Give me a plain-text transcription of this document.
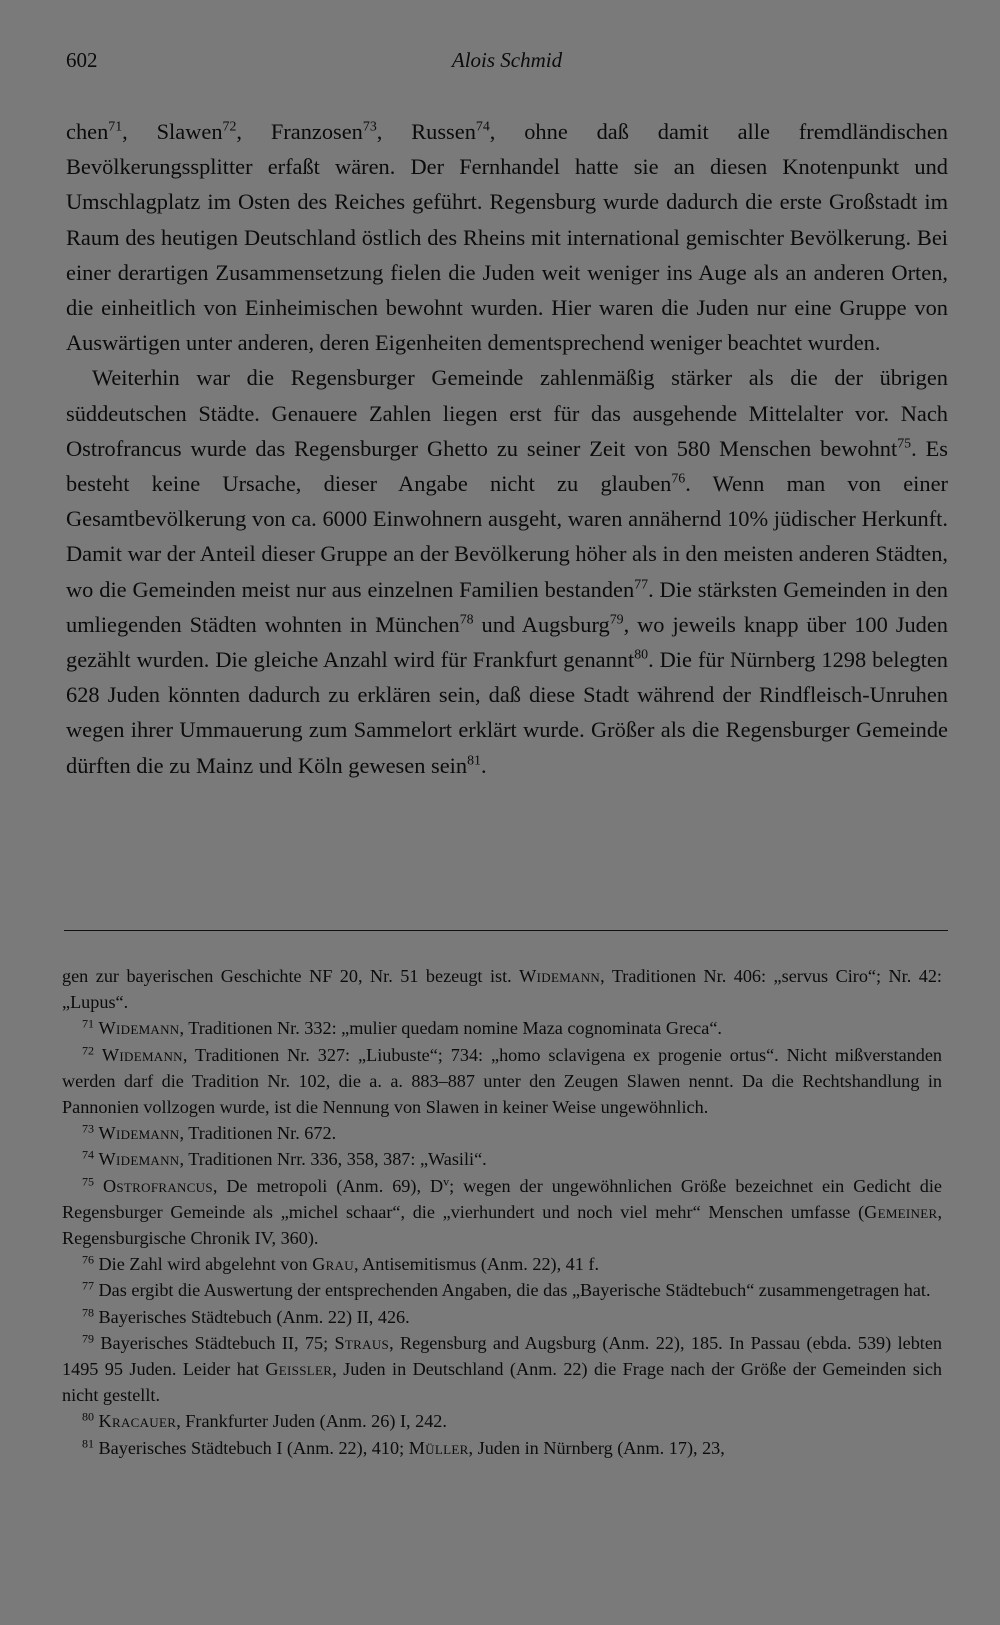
602	Alois Schmid

chen$^{71}$, Slawen$^{72}$, Franzosen$^{73}$, Russen$^{74}$, ohne daß damit alle fremdländischen Bevölkerungssplitter erfaßt wären. Der Fernhandel hatte sie an diesen Knotenpunkt und Umschlagplatz im Osten des Reiches geführt. Regensburg wurde dadurch die erste Großstadt im Raum des heutigen Deutschland östlich des Rheins mit international gemischter Bevölkerung. Bei einer derartigen Zusammensetzung fielen die Juden weit weniger ins Auge als an anderen Orten, die einheitlich von Einheimischen bewohnt wurden. Hier waren die Juden nur eine Gruppe von Auswärtigen unter anderen, deren Eigenheiten dementsprechend weniger beachtet wurden.

Weiterhin war die Regensburger Gemeinde zahlenmäßig stärker als die der übrigen süddeutschen Städte. Genauere Zahlen liegen erst für das ausgehende Mittelalter vor. Nach Ostrofrancus wurde das Regensburger Ghetto zu seiner Zeit von 580 Menschen bewohnt$^{75}$. Es besteht keine Ursache, dieser Angabe nicht zu glauben$^{76}$. Wenn man von einer Gesamtbevölkerung von ca. 6000 Einwohnern ausgeht, waren annähernd 10% jüdischer Herkunft. Damit war der Anteil dieser Gruppe an der Bevölkerung höher als in den meisten anderen Städten, wo die Gemeinden meist nur aus einzelnen Familien bestanden$^{77}$. Die stärksten Gemeinden in den umliegenden Städten wohnten in München$^{78}$ und Augsburg$^{79}$, wo jeweils knapp über 100 Juden gezählt wurden. Die gleiche Anzahl wird für Frankfurt genannt$^{80}$. Die für Nürnberg 1298 belegten 628 Juden könnten dadurch zu erklären sein, daß diese Stadt während der Rindfleisch-Unruhen wegen ihrer Ummauerung zum Sammelort erklärt wurde. Größer als die Regensburger Gemeinde dürften die zu Mainz und Köln gewesen sein$^{81}$.

gen zur bayerischen Geschichte NF 20, Nr. 51 bezeugt ist. Widemann, Traditionen Nr. 406: „servus Ciro“; Nr. 42: „Lupus“.

$^{71}$ Widemann, Traditionen Nr. 332: „mulier quedam nomine Maza cognominata Greca“.

$^{72}$ Widemann, Traditionen Nr. 327: „Liubuste“; 734: „homo sclavigena ex progenie ortus“. Nicht mißverstanden werden darf die Tradition Nr. 102, die a. a. 883–887 unter den Zeugen Slawen nennt. Da die Rechtshandlung in Pannonien vollzogen wurde, ist die Nennung von Slawen in keiner Weise ungewöhnlich.

$^{73}$ Widemann, Traditionen Nr. 672.

$^{74}$ Widemann, Traditionen Nrr. 336, 358, 387: „Wasili“.

$^{75}$ Ostrofrancus, De metropoli (Anm. 69), D$^v$; wegen der ungewöhnlichen Größe bezeichnet ein Gedicht die Regensburger Gemeinde als „michel schaar“, die „vierhundert und noch viel mehr“ Menschen umfasse (Gemeiner, Regensburgische Chronik IV, 360).

$^{76}$ Die Zahl wird abgelehnt von Grau, Antisemitismus (Anm. 22), 41 f.

$^{77}$ Das ergibt die Auswertung der entsprechenden Angaben, die das „Bayerische Städtebuch“ zusammengetragen hat.

$^{78}$ Bayerisches Städtebuch (Anm. 22) II, 426.

$^{79}$ Bayerisches Städtebuch II, 75; Straus, Regensburg and Augsburg (Anm. 22), 185. In Passau (ebda. 539) lebten 1495 95 Juden. Leider hat Geissler, Juden in Deutschland (Anm. 22) die Frage nach der Größe der Gemeinden sich nicht gestellt.

$^{80}$ Kracauer, Frankfurter Juden (Anm. 26) I, 242.

$^{81}$ Bayerisches Städtebuch I (Anm. 22), 410; Müller, Juden in Nürnberg (Anm. 17), 23,
